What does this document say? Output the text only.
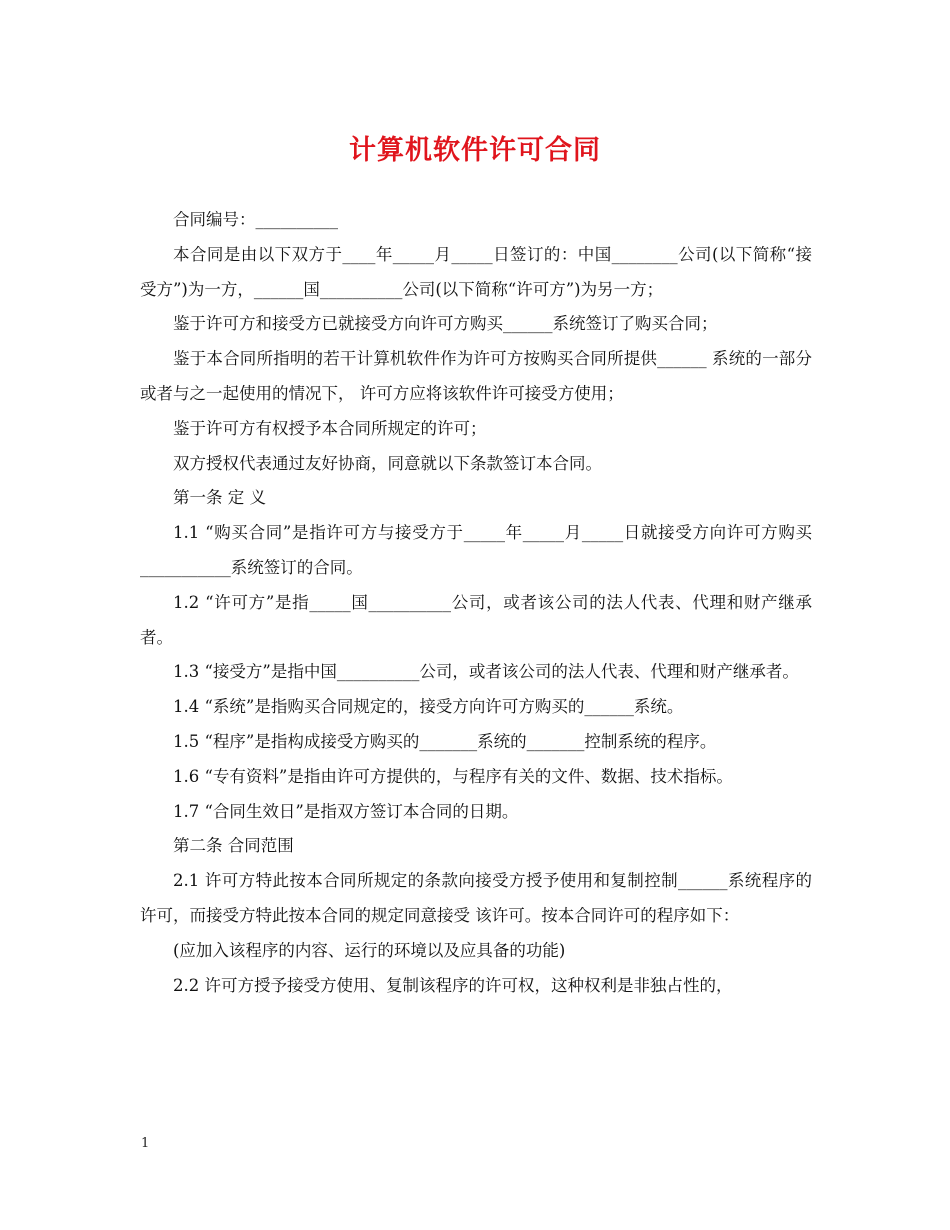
计算机软件许可合同

合同编号：__________

本合同是由以下双方于____年_____月_____日签订的：中国________公司(以下简称“接受方”)为一方，______国__________公司(以下简称“许可方”)为另一方；

鉴于许可方和接受方已就接受方向许可方购买______系统签订了购买合同；

鉴于本合同所指明的若干计算机软件作为许可方按购买合同所提供______ 系统的一部分或者与之一起使用的情况下， 许可方应将该软件许可接受方使用；

鉴于许可方有权授予本合同所规定的许可；

双方授权代表通过友好协商，同意就以下条款签订本合同。

第一条 定 义

1.1 “购买合同”是指许可方与接受方于_____年_____月_____日就接受方向许可方购买___________系统签订的合同。

1.2 “许可方”是指_____国__________公司，或者该公司的法人代表、代理和财产继承者。

1.3 “接受方”是指中国__________公司，或者该公司的法人代表、代理和财产继承者。

1.4 “系统”是指购买合同规定的，接受方向许可方购买的______系统。

1.5 “程序”是指构成接受方购买的_______系统的_______控制系统的程序。

1.6 “专有资料”是指由许可方提供的，与程序有关的文件、数据、技术指标。

1.7 “合同生效日”是指双方签订本合同的日期。

第二条 合同范围

2.1 许可方特此按本合同所规定的条款向接受方授予使用和复制控制______系统程序的许可，而接受方特此按本合同的规定同意接受 该许可。按本合同许可的程序如下：

(应加入该程序的内容、运行的环境以及应具备的功能)

2.2 许可方授予接受方使用、复制该程序的许可权，这种权利是非独占性的，

1
